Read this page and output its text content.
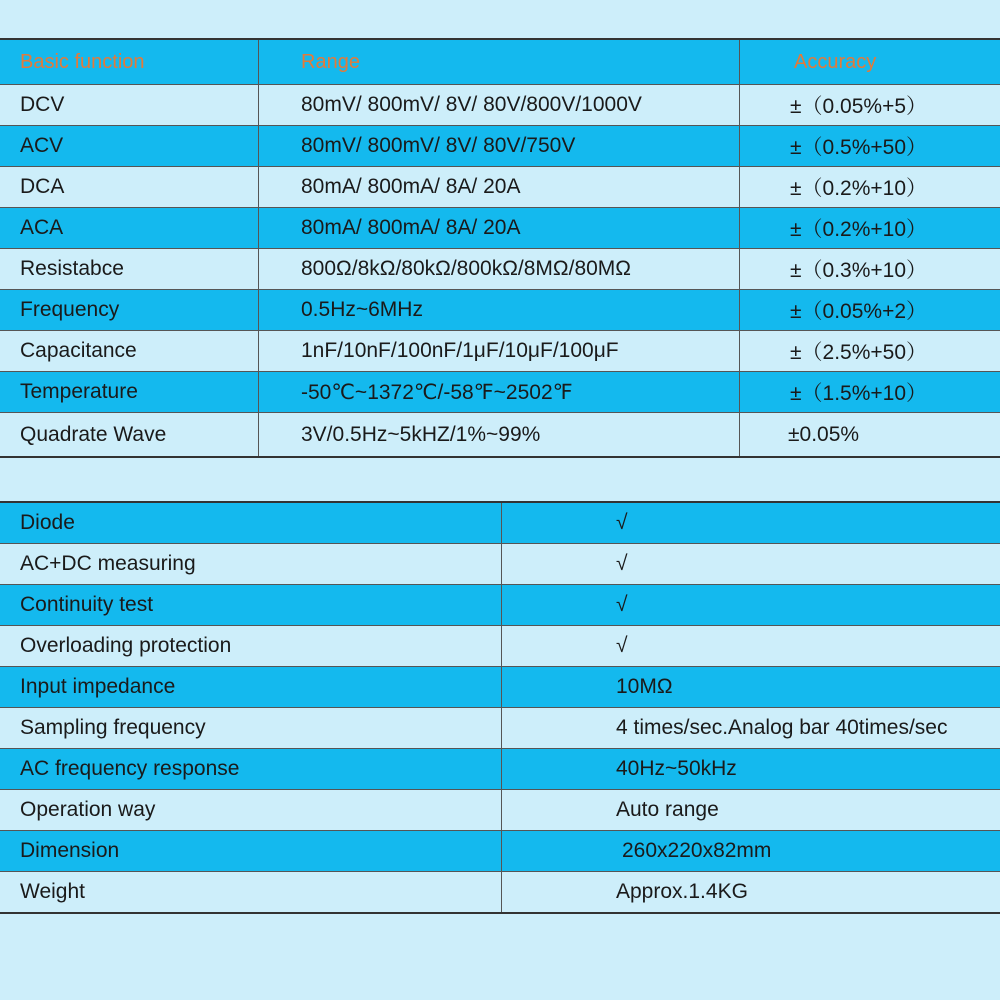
Basic function	Range	Accuracy
DCV	80mV/ 800mV/ 8V/ 80V/800V/1000V	±（0.05%+5）
ACV	80mV/ 800mV/ 8V/ 80V/750V	±（0.5%+50）
DCA	80mA/ 800mA/ 8A/ 20A	±（0.2%+10）
ACA	80mA/ 800mA/ 8A/ 20A	±（0.2%+10）
Resistabce	800Ω/8kΩ/80kΩ/800kΩ/8MΩ/80MΩ	±（0.3%+10）
Frequency	0.5Hz~6MHz	±（0.05%+2）
Capacitance	1nF/10nF/100nF/1μF/10μF/100μF	±（2.5%+50）
Temperature	-50℃~1372℃/-58℉~2502℉	±（1.5%+10）
Quadrate Wave	3V/0.5Hz~5kHZ/1%~99%	±0.05%
Diode	√
AC+DC measuring	√
Continuity test	√
Overloading protection	√
Input impedance	10MΩ
Sampling frequency	4 times/sec.Analog bar 40times/sec
AC frequency response	40Hz~50kHz
Operation way	Auto range
Dimension	260x220x82mm
Weight	Approx.1.4KG
